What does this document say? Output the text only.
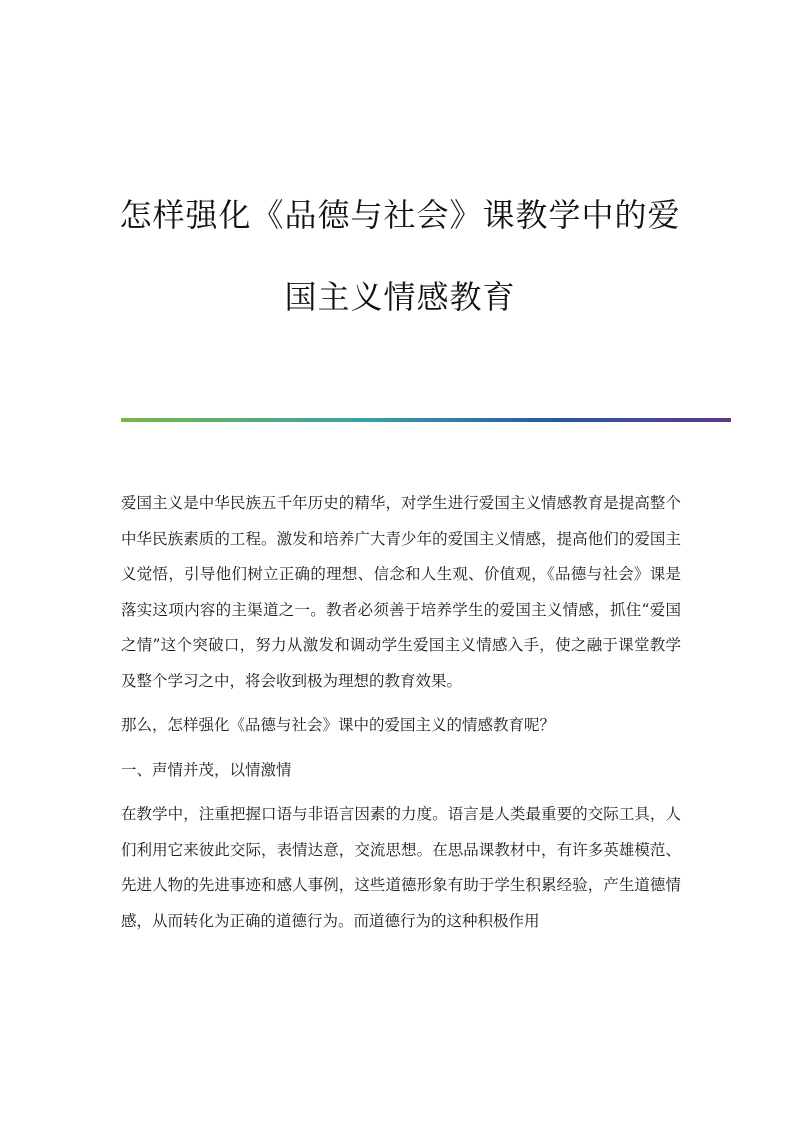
怎样强化《品德与社会》课教学中的爱
国主义情感教育

爱国主义是中华民族五千年历史的精华，对学生进行爱国主义情感教育是提高整个中华民族素质的工程。激发和培养广大青少年的爱国主义情感，提高他们的爱国主义觉悟，引导他们树立正确的理想、信念和人生观、价值观，《品德与社会》课是落实这项内容的主渠道之一。教者必须善于培养学生的爱国主义情感，抓住“爱国之情”这个突破口，努力从激发和调动学生爱国主义情感入手，使之融于课堂教学及整个学习之中，将会收到极为理想的教育效果。

那么，怎样强化《品德与社会》课中的爱国主义的情感教育呢？

一、声情并茂，以情激情

在教学中，注重把握口语与非语言因素的力度。语言是人类最重要的交际工具，人们利用它来彼此交际，表情达意，交流思想。在思品课教材中，有许多英雄模范、先进人物的先进事迹和感人事例，这些道德形象有助于学生积累经验，产生道德情感，从而转化为正确的道德行为。而道德行为的这种积极作用
